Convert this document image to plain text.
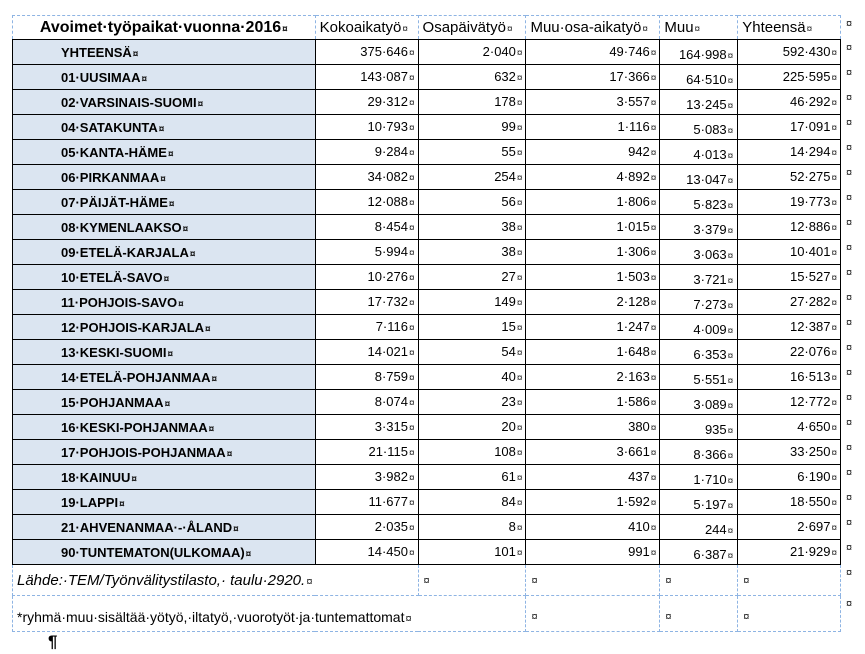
Avoimet·työpaikat·vuonna·2016¤	Kokoaikatyö¤	Osapäivätyö¤	Muu·osa-aikatyö¤	Muu¤	Yhteensä¤	¤
YHTEENSÄ¤	375·646¤	2·040¤	49·746¤	164·998¤	592·430¤	¤
01·UUSIMAA¤	143·087¤	632¤	17·366¤	64·510¤	225·595¤	¤
02·VARSINAIS-SUOMI¤	29·312¤	178¤	3·557¤	13·245¤	46·292¤	¤
04·SATAKUNTA¤	10·793¤	99¤	1·116¤	5·083¤	17·091¤	¤
05·KANTA-HÄME¤	9·284¤	55¤	942¤	4·013¤	14·294¤	¤
06·PIRKANMAA¤	34·082¤	254¤	4·892¤	13·047¤	52·275¤	¤
07·PÄIJÄT-HÄME¤	12·088¤	56¤	1·806¤	5·823¤	19·773¤	¤
08·KYMENLAAKSO¤	8·454¤	38¤	1·015¤	3·379¤	12·886¤	¤
09·ETELÄ-KARJALA¤	5·994¤	38¤	1·306¤	3·063¤	10·401¤	¤
10·ETELÄ-SAVO¤	10·276¤	27¤	1·503¤	3·721¤	15·527¤	¤
11·POHJOIS-SAVO¤	17·732¤	149¤	2·128¤	7·273¤	27·282¤	¤
12·POHJOIS-KARJALA¤	7·116¤	15¤	1·247¤	4·009¤	12·387¤	¤
13·KESKI-SUOMI¤	14·021¤	54¤	1·648¤	6·353¤	22·076¤	¤
14·ETELÄ-POHJANMAA¤	8·759¤	40¤	2·163¤	5·551¤	16·513¤	¤
15·POHJANMAA¤	8·074¤	23¤	1·586¤	3·089¤	12·772¤	¤
16·KESKI-POHJANMAA¤	3·315¤	20¤	380¤	935¤	4·650¤	¤
17·POHJOIS-POHJANMAA¤	21·115¤	108¤	3·661¤	8·366¤	33·250¤	¤
18·KAINUU¤	3·982¤	61¤	437¤	1·710¤	6·190¤	¤
19·LAPPI¤	11·677¤	84¤	1·592¤	5·197¤	18·550¤	¤
21·AHVENANMAA·-·ÅLAND¤	2·035¤	8¤	410¤	244¤	2·697¤	¤
90·TUNTEMATON(ULKOMAA)¤	14·450¤	101¤	991¤	6·387¤	21·929¤	¤
Lähde:·TEM/Työnvälitystilasto,· taulu·2920.¤		¤	¤	¤	¤	¤
*ryhmä·muu·sisältää·yötyö,·iltatyö,·vuorotyöt·ja·tuntemattomat¤			¤	¤	¤	¤
¶
